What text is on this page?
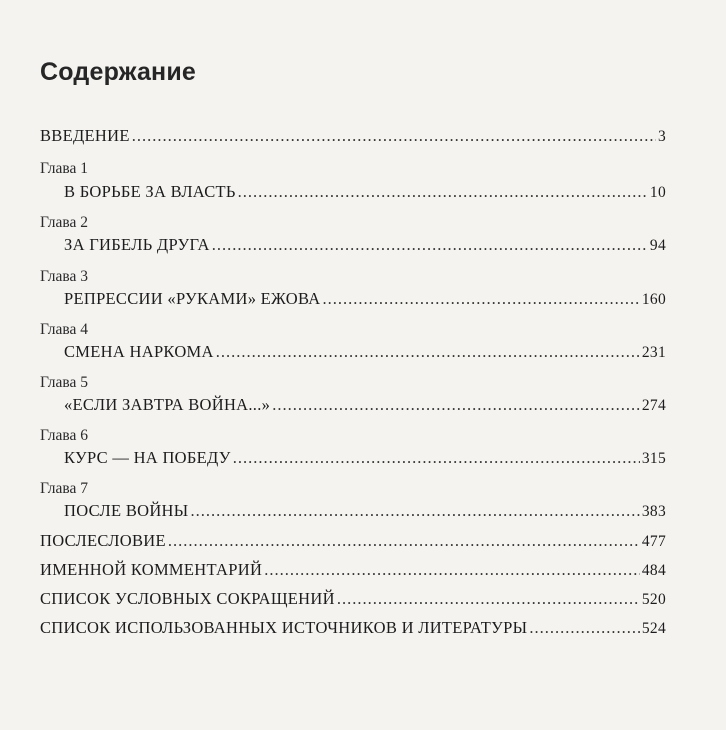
Содержание
ВВЕДЕНИЕ .....	3
Глава 1
В БОРЬБЕ ЗА ВЛАСТЬ .....	10
Глава 2
ЗА ГИБЕЛЬ ДРУГА .....	94
Глава 3
РЕПРЕССИИ «РУКАМИ» ЕЖОВА .....	160
Глава 4
СМЕНА НАРКОМА .....	231
Глава 5
«ЕСЛИ ЗАВТРА ВОЙНА...» .....	274
Глава 6
КУРС — НА ПОБЕДУ .....	315
Глава 7
ПОСЛЕ ВОЙНЫ .....	383
ПОСЛЕСЛОВИЕ .....	477
ИМЕННОЙ КОММЕНТАРИЙ .....	484
СПИСОК УСЛОВНЫХ СОКРАЩЕНИЙ .....	520
СПИСОК ИСПОЛЬЗОВАННЫХ ИСТОЧНИКОВ И ЛИТЕРАТУРЫ .....	524
